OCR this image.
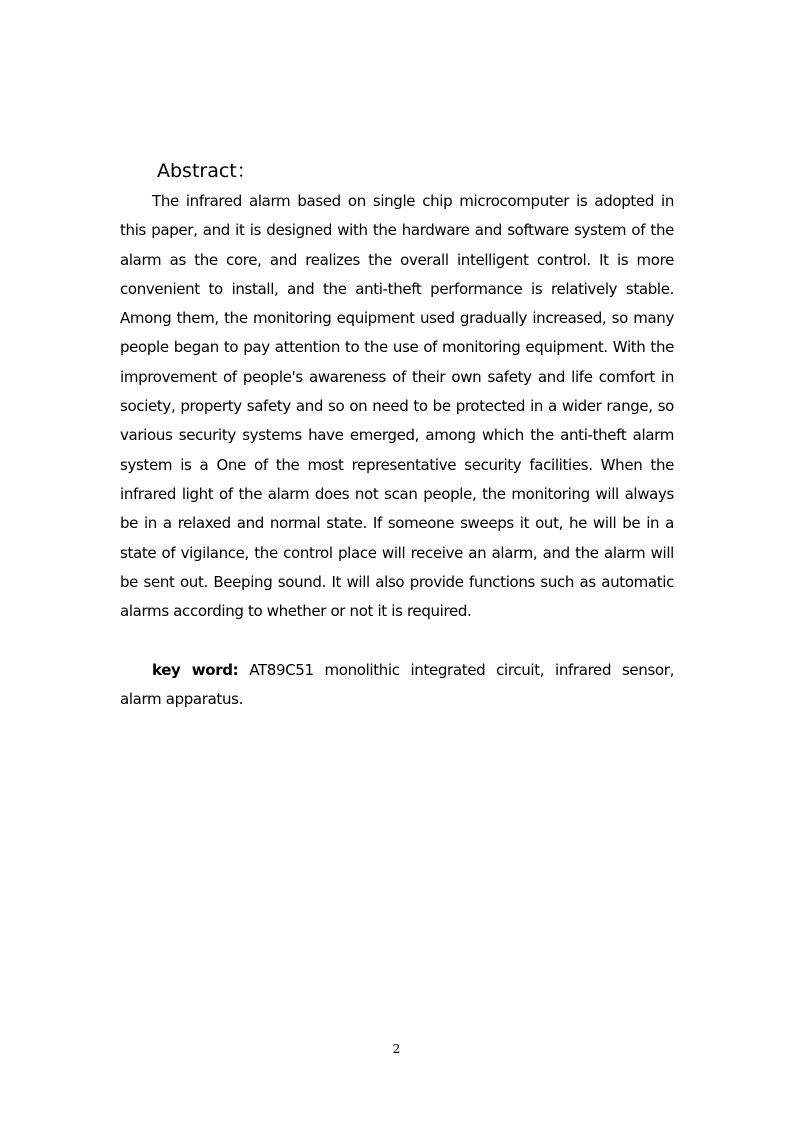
Abstract：

The infrared alarm based on single chip microcomputer is adopted in this paper, and it is designed with the hardware and software system of the alarm as the core, and realizes the overall intelligent control. It is more convenient to install, and the anti-theft performance is relatively stable. Among them, the monitoring equipment used gradually increased, so many people began to pay attention to the use of monitoring equipment. With the improvement of people's awareness of their own safety and life comfort in society, property safety and so on need to be protected in a wider range, so various security systems have emerged, among which the anti-theft alarm system is a One of the most representative security facilities. When the infrared light of the alarm does not scan people, the monitoring will always be in a relaxed and normal state. If someone sweeps it out, he will be in a state of vigilance, the control place will receive an alarm, and the alarm will be sent out. Beeping sound. It will also provide functions such as automatic alarms according to whether or not it is required.

key word: AT89C51 monolithic integrated circuit, infrared sensor, alarm apparatus.

2
